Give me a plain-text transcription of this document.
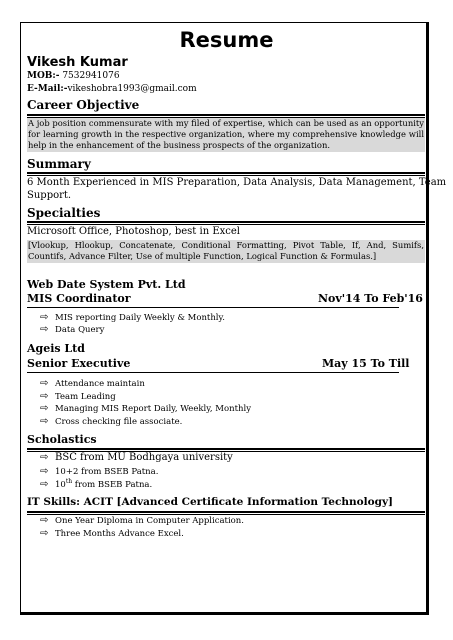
Resume
Vikesh Kumar
MOB:- 7532941076
E-Mail:-vikeshobra1993@gmail.com
Career Objective
A job position commensurate with my filed of expertise, which can be used as an opportunity for learning growth in the respective organization, where my comprehensive knowledge will help in the enhancement of the business prospects of the organization.
Summary
6 Month Experienced in MIS Preparation, Data Analysis, Data Management, Team
Support.
Specialties
Microsoft Office, Photoshop, best in Excel
[Vlookup, Hlookup, Concatenate, Conditional Formatting, Pivot Table, If, And, Sumifs, Countifs, Advance Filter, Use of multiple Function, Logical Function & Formulas.]
Web Date System Pvt. Ltd
MIS Coordinator	Nov'14 To Feb'16
⇨ MIS reporting Daily Weekly & Monthly.
⇨ Data Query
Ageis Ltd
Senior Executive	May 15 To Till
⇨ Attendance maintain
⇨ Team Leading
⇨ Managing MIS Report Daily, Weekly, Monthly
⇨ Cross checking file associate.
Scholastics
⇨ BSC from MU Bodhgaya university
⇨ 10+2 from BSEB Patna.
⇨ 10th from BSEB Patna.
IT Skills: ACIT [Advanced Certificate Information Technology]
⇨ One Year Diploma in Computer Application.
⇨ Three Months Advance Excel.
